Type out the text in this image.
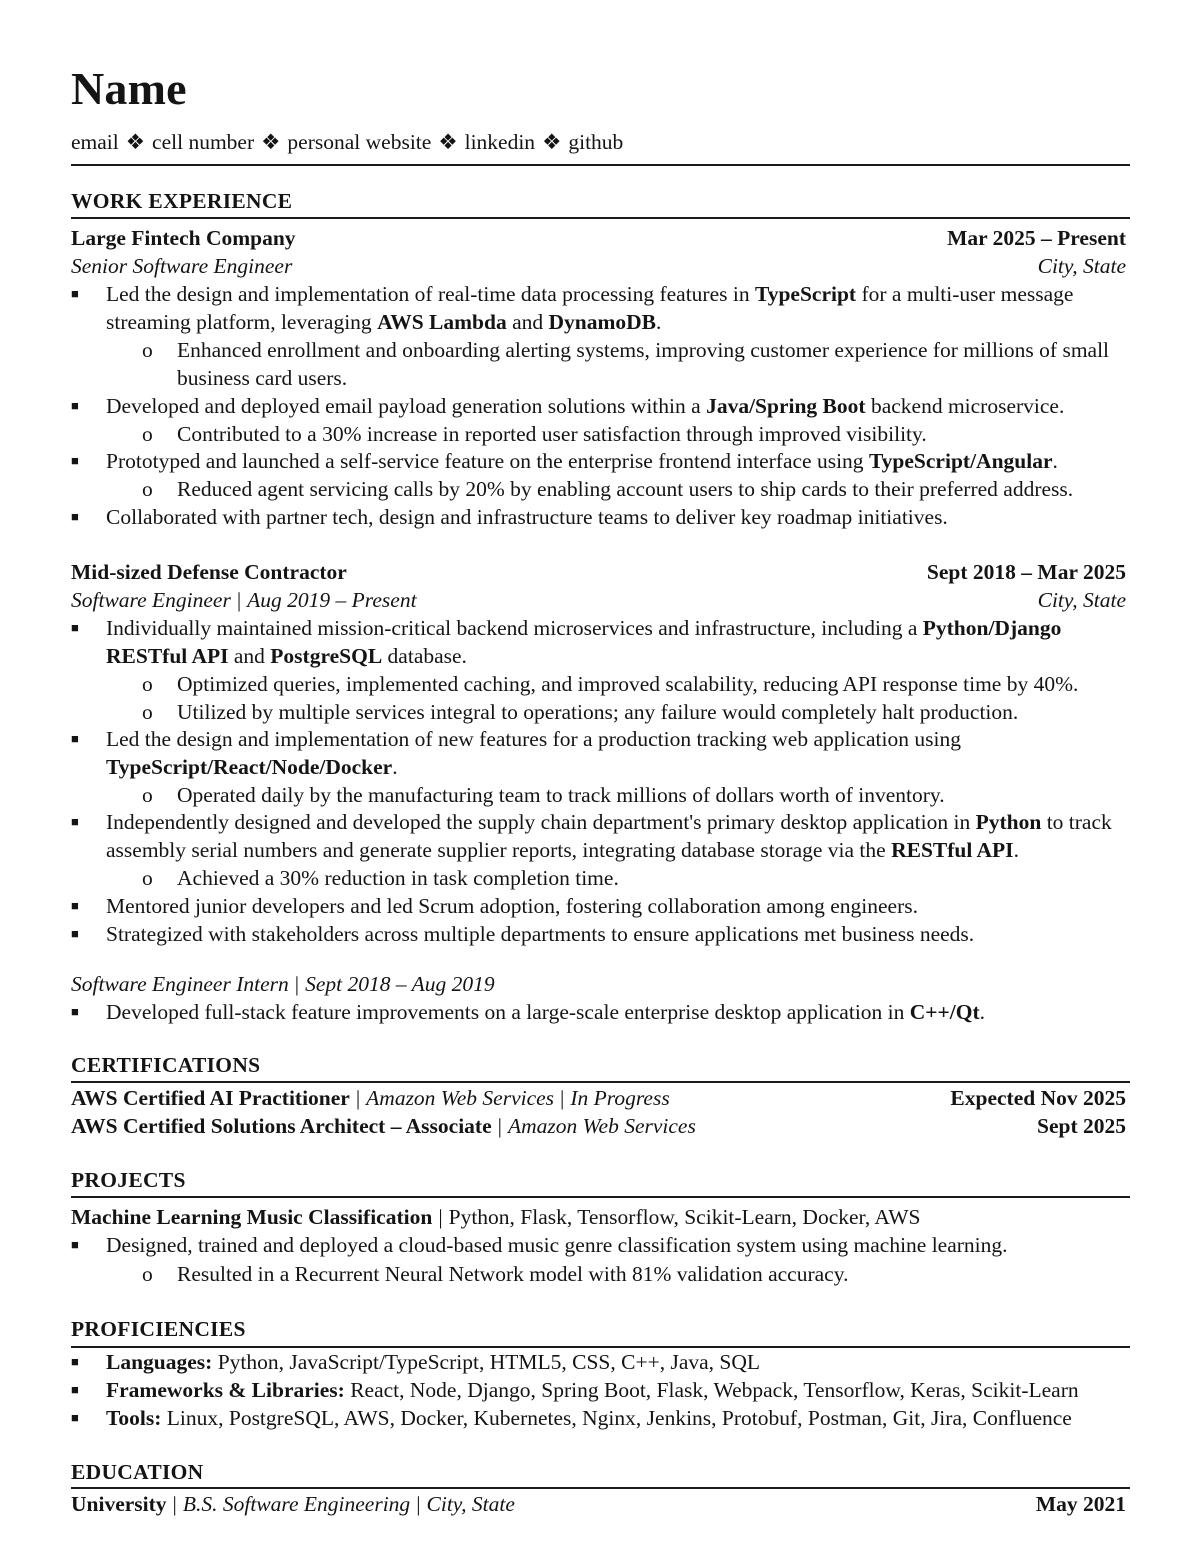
Name
email ❖ cell number ❖ personal website ❖ linkedin ❖ github
WORK EXPERIENCE
Large Fintech Company	Mar 2025 – Present
Senior Software Engineer	City, State
■ Led the design and implementation of real-time data processing features in TypeScript for a multi-user message streaming platform, leveraging AWS Lambda and DynamoDB.
o Enhanced enrollment and onboarding alerting systems, improving customer experience for millions of small business card users.
■ Developed and deployed email payload generation solutions within a Java/Spring Boot backend microservice.
o Contributed to a 30% increase in reported user satisfaction through improved visibility.
■ Prototyped and launched a self-service feature on the enterprise frontend interface using TypeScript/Angular.
o Reduced agent servicing calls by 20% by enabling account users to ship cards to their preferred address.
■ Collaborated with partner tech, design and infrastructure teams to deliver key roadmap initiatives.
Mid-sized Defense Contractor	Sept 2018 – Mar 2025
Software Engineer | Aug 2019 – Present	City, State
■ Individually maintained mission-critical backend microservices and infrastructure, including a Python/Django RESTful API and PostgreSQL database.
o Optimized queries, implemented caching, and improved scalability, reducing API response time by 40%.
o Utilized by multiple services integral to operations; any failure would completely halt production.
■ Led the design and implementation of new features for a production tracking web application using TypeScript/React/Node/Docker.
o Operated daily by the manufacturing team to track millions of dollars worth of inventory.
■ Independently designed and developed the supply chain department's primary desktop application in Python to track assembly serial numbers and generate supplier reports, integrating database storage via the RESTful API.
o Achieved a 30% reduction in task completion time.
■ Mentored junior developers and led Scrum adoption, fostering collaboration among engineers.
■ Strategized with stakeholders across multiple departments to ensure applications met business needs.
Software Engineer Intern | Sept 2018 – Aug 2019
■ Developed full-stack feature improvements on a large-scale enterprise desktop application in C++/Qt.
CERTIFICATIONS
AWS Certified AI Practitioner | Amazon Web Services | In Progress	Expected Nov 2025
AWS Certified Solutions Architect – Associate | Amazon Web Services	Sept 2025
PROJECTS
Machine Learning Music Classification | Python, Flask, Tensorflow, Scikit-Learn, Docker, AWS
■ Designed, trained and deployed a cloud-based music genre classification system using machine learning.
o Resulted in a Recurrent Neural Network model with 81% validation accuracy.
PROFICIENCIES
■ Languages: Python, JavaScript/TypeScript, HTML5, CSS, C++, Java, SQL
■ Frameworks & Libraries: React, Node, Django, Spring Boot, Flask, Webpack, Tensorflow, Keras, Scikit-Learn
■ Tools: Linux, PostgreSQL, AWS, Docker, Kubernetes, Nginx, Jenkins, Protobuf, Postman, Git, Jira, Confluence
EDUCATION
University | B.S. Software Engineering | City, State	May 2021
